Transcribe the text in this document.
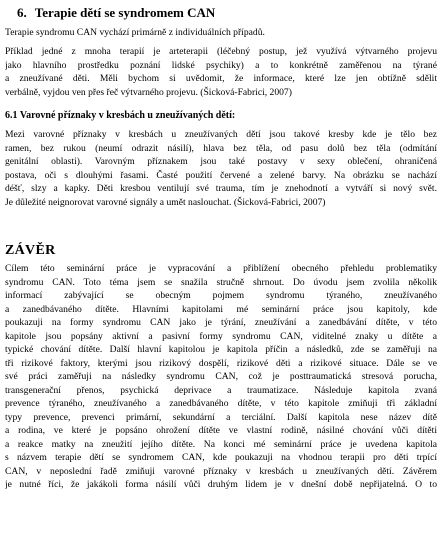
6. Terapie dětí se syndromem CAN
Terapie syndromu CAN vychází primárně z individuálních případů.
Příklad jedné z mnoha terapií je arteterapii (léčebný postup, jež využívá výtvarného projevu
jako hlavního prostředku poznání lidské psychiky) a to konkrétně zaměřenou na týrané
a zneužívané děti. Měli bychom si uvědomit, že informace, které lze jen obtížně sdělit
verbálně, vyjdou ven přes řeč výtvarného projevu. (Šicková-Fabrici, 2007)
6.1 Varovné příznaky v kresbách u zneužívaných dětí:
Mezi varovné příznaky v kresbách u zneužívaných dětí jsou takové kresby kde je tělo bez
ramen, bez rukou (neumí odrazit násilí), hlava bez těla, od pasu dolů bez těla (odmítání
genitální oblasti). Varovným příznakem jsou také postavy v sexy oblečení, ohraničená
postava, oči s dlouhými řasami. Časté použití červené a zelené barvy. Na obrázku se nachází
déšť, slzy a kapky. Děti kresbou ventilují své trauma, tím je znehodnotí a vytváří si nový svět.
Je důležité neignorovat varovné signály a umět naslouchat. (Šicková-Fabrici, 2007)
ZÁVĚR
Cílem této seminární práce je vypracování a přiblížení obecného přehledu problematiky
syndromu CAN. Toto téma jsem se snažila stručně shrnout. Do úvodu jsem zvolila několik
informací zabývající se obecným pojmem syndromu týraného, zneužívaného
a zanedbávaného dítěte. Hlavními kapitolami mé seminární práce jsou kapitoly, kde
poukazuji na formy syndromu CAN jako je týrání, zneužívání a zanedbávání dítěte, v této
kapitole jsou popsány aktivní a pasivní formy syndromu CAN, viditelné znaky u dítěte a
typické chování dítěte. Další hlavní kapitolou je kapitola příčin a následků, zde se zaměřuji na
tři rizikové faktory, kterými jsou rizikový dospělí, rizikové děti a rizikové situace. Dále se ve
své práci zaměřuji na následky syndromu CAN, což je posttraumatická stresová porucha,
transgenerační přenos, psychická deprivace a traumatizace. Následuje kapitola zvaná
prevence týraného, zneužívaného a zanedbávaného dítěte, v této kapitole zmiňuji tři základní
typy prevence, prevenci primární, sekundární a terciální. Další kapitola nese název dítě
a rodina, ve které je popsáno ohrožení dítěte ve vlastní rodině, násilné chování vůči dítěti
a reakce matky na zneužití jejího dítěte. Na konci mé seminární práce je uvedena kapitola
s názvem terapie dětí se syndromem CAN, kde poukazuji na vhodnou terapii pro děti trpící
CAN, v neposlední řadě zmiňuji varovné příznaky v kresbách u zneužívaných dětí. Závěrem
je nutné říci, že jakákoli forma násilí vůči druhým lidem je v dnešní době nepřijatelná. O to
